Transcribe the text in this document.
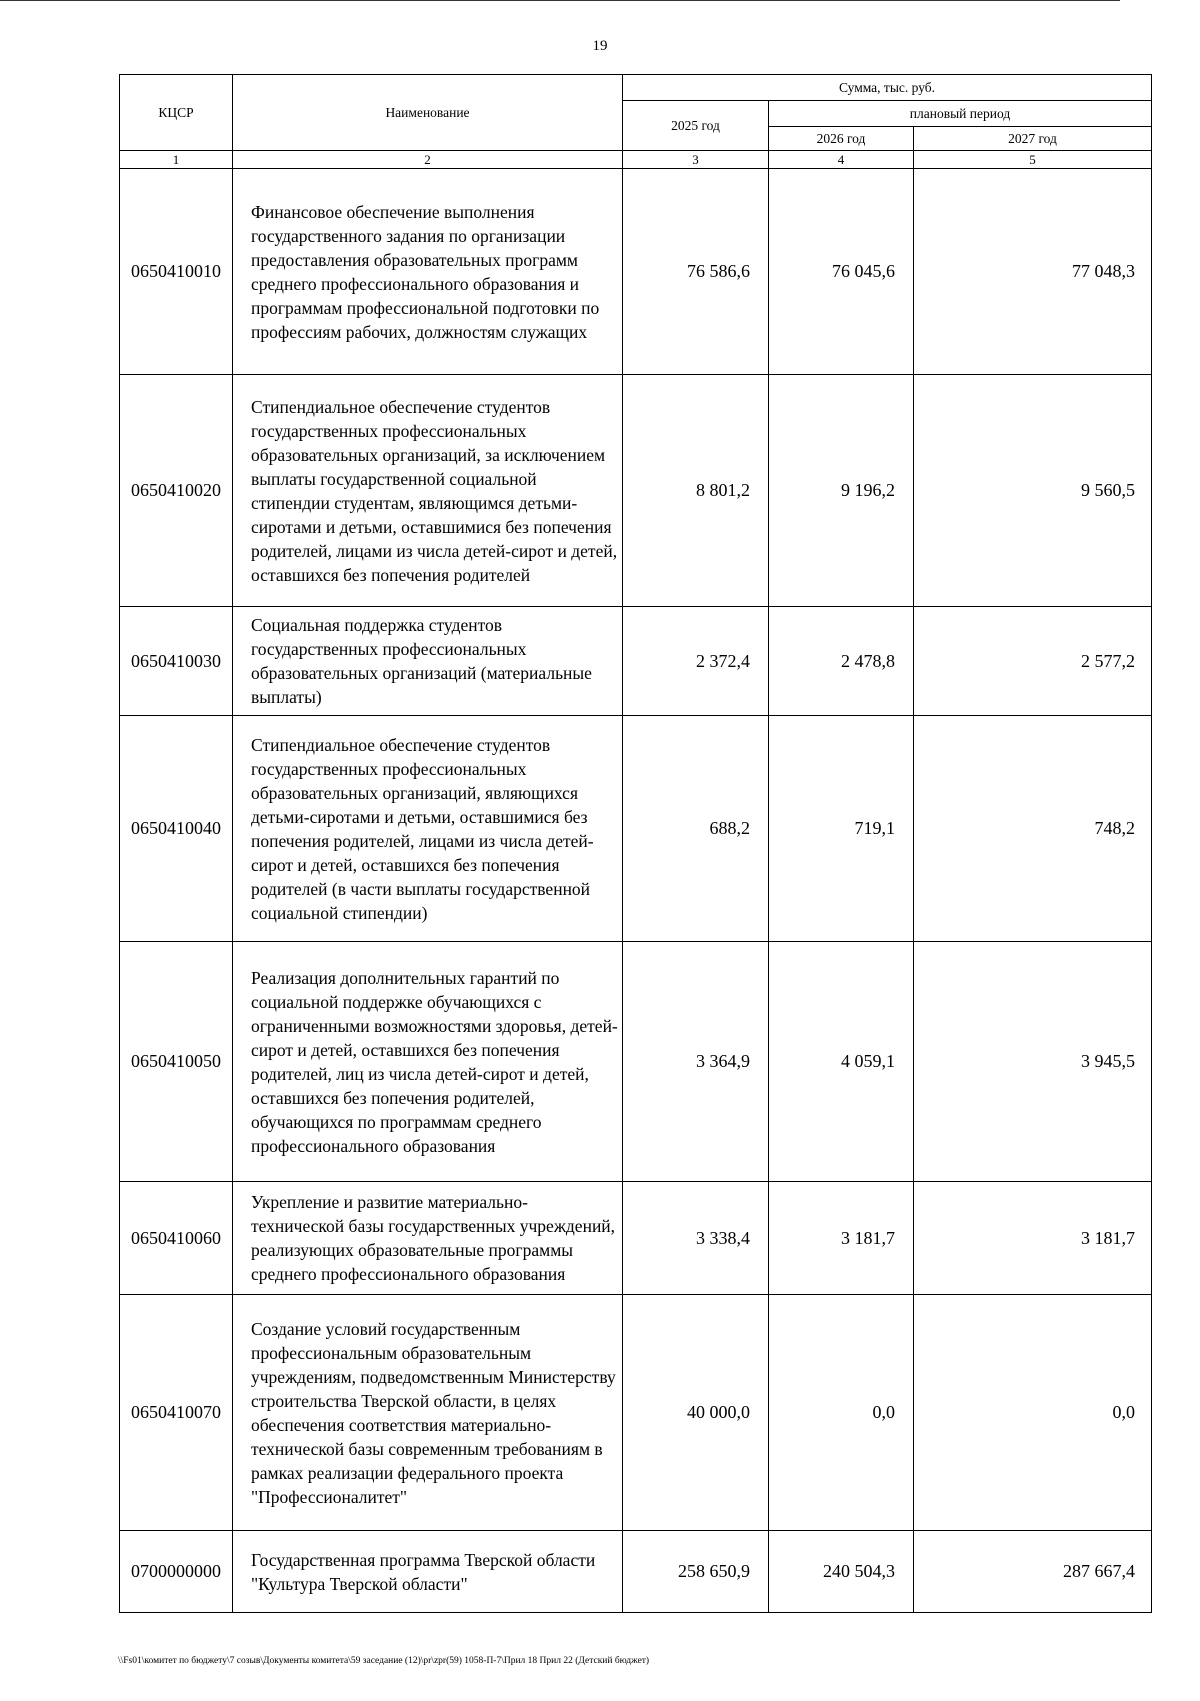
19
КЦСР	Наименование	Сумма, тыс. руб.		
		2025 год	плановый период	
			2026 год	2027 год
1	2	3	4	5
0650410010	Финансовое обеспечение выполнения государственного задания по организации предоставления образовательных программ среднего профессионального образования и программам профессиональной подготовки по профессиям рабочих, должностям служащих	76 586,6	76 045,6	77 048,3
0650410020	Стипендиальное обеспечение студентов государственных профессиональных образовательных организаций, за исключением выплаты государственной социальной стипендии студентам, являющимся детьми-сиротами и детьми, оставшимися без попечения родителей, лицами из числа детей-сирот и детей, оставшихся без попечения родителей	8 801,2	9 196,2	9 560,5
0650410030	Социальная поддержка студентов государственных профессиональных образовательных организаций (материальные выплаты)	2 372,4	2 478,8	2 577,2
0650410040	Стипендиальное обеспечение студентов государственных профессиональных образовательных организаций, являющихся детьми-сиротами и детьми, оставшимися без попечения родителей, лицами из числа детей-сирот и детей, оставшихся без попечения родителей (в части выплаты государственной социальной стипендии)	688,2	719,1	748,2
0650410050	Реализация дополнительных гарантий по социальной поддержке обучающихся с ограниченными возможностями здоровья, детей-сирот и детей, оставшихся без попечения родителей, лиц из числа детей-сирот и детей, оставшихся без попечения родителей, обучающихся по программам среднего профессионального образования	3 364,9	4 059,1	3 945,5
0650410060	Укрепление и развитие материально-технической базы государственных учреждений, реализующих образовательные программы среднего профессионального образования	3 338,4	3 181,7	3 181,7
0650410070	Создание условий государственным профессиональным образовательным учреждениям, подведомственным Министерству строительства Тверской области, в целях обеспечения соответствия материально-технической базы современным требованиям в рамках реализации федерального проекта "Профессионалитет"	40 000,0	0,0	0,0
0700000000	Государственная программа Тверской области "Культура Тверской области"	258 650,9	240 504,3	287 667,4
\\Fs01\комитет по бюджету\7 созыв\Документы комитета\59 заседание (12)\pr\zpr(59) 1058-П-7\Прил 18 Прил 22 (Детский бюджет)
